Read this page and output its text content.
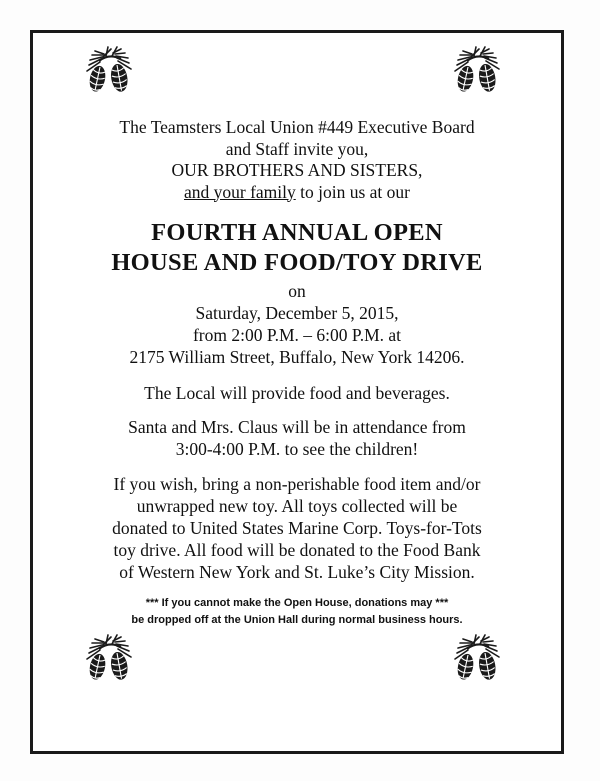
The Teamsters Local Union #449 Executive Board
and Staff invite you,
OUR BROTHERS AND SISTERS,
and your family to join us at our
FOURTH ANNUAL OPEN
HOUSE AND FOOD/TOY DRIVE
on
Saturday, December 5, 2015,
from 2:00 P.M. – 6:00 P.M. at
2175 William Street, Buffalo, New York 14206.
The Local will provide food and beverages.
Santa and Mrs. Claus will be in attendance from
3:00-4:00 P.M. to see the children!
If you wish, bring a non-perishable food item and/or
unwrapped new toy. All toys collected will be
donated to United States Marine Corp. Toys-for-Tots
toy drive. All food will be donated to the Food Bank
of Western New York and St. Luke’s City Mission.
*** If you cannot make the Open House, donations may ***
be dropped off at the Union Hall during normal business hours.
